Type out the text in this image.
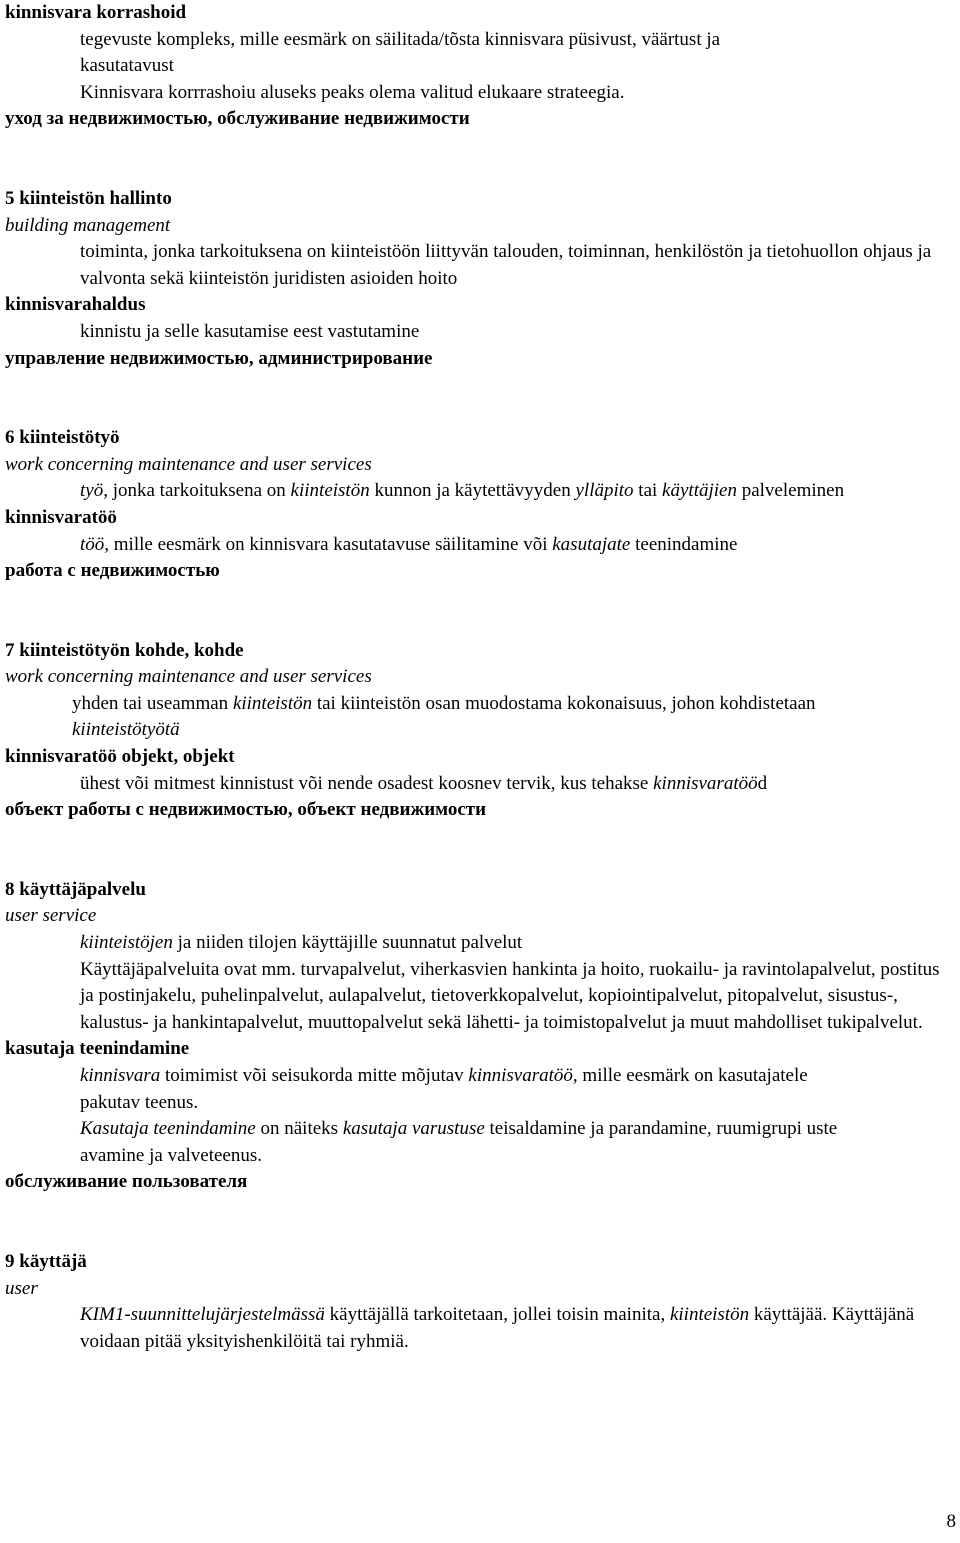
kinnisvara korrashoid

tegevuste kompleks, mille eesmärk on säilitada/tõsta kinnisvara püsivust, väärtust ja

kasutatavust

Kinnisvara korrrashoiu aluseks peaks olema valitud elukaare strateegia.

уход за недвижимостью, обслуживание недвижимости

5 kiinteistön hallinto

building management

toiminta, jonka tarkoituksena on kiinteistöön liittyvän talouden, toiminnan, henkilöstön ja tietohuollon ohjaus ja valvonta sekä kiinteistön juridisten asioiden hoito

kinnisvarahaldus

kinnistu ja selle kasutamise eest vastutamine

управление недвижимостью, администрирование

6 kiinteistötyö

work concerning maintenance and user services

työ, jonka tarkoituksena on kiinteistön kunnon ja käytettävyyden ylläpito tai käyttäjien palveleminen

kinnisvaratöö

töö, mille eesmärk on kinnisvara kasutatavuse säilitamine või kasutajate teenindamine

работа с недвижимостью

7 kiinteistötyön kohde, kohde

work concerning maintenance and user services

yhden tai useamman kiinteistön tai kiinteistön osan muodostama kokonaisuus, johon kohdistetaan kiinteistötyötä

kinnisvaratöö objekt, objekt

ühest või mitmest kinnistust või nende osadest koosnev tervik, kus tehakse kinnisvaratööd

объект работы с недвижимостью, объект недвижимости

8 käyttäjäpalvelu

user service

kiinteistöjen ja niiden tilojen käyttäjille suunnatut palvelut

Käyttäjäpalveluita ovat mm. turvapalvelut, viherkasvien hankinta ja hoito, ruokailu- ja ravintolapalvelut, postitus ja postinjakelu, puhelinpalvelut, aulapalvelut, tietoverkkopalvelut, kopiointipalvelut, pitopalvelut, sisustus-, kalustus- ja hankintapalvelut, muuttopalvelut sekä lähetti- ja toimistopalvelut ja muut mahdolliset tukipalvelut.

kasutaja teenindamine

kinnisvara toimimist või seisukorda mitte mõjutav kinnisvaratöö, mille eesmärk on kasutajatele pakutav teenus.

Kasutaja teenindamine on näiteks kasutaja varustuse teisaldamine ja parandamine, ruumigrupi uste avamine ja valveteenus.

обслуживание пользователя

9 käyttäjä

user

KIM1-suunnittelujärjestelmässä käyttäjällä tarkoitetaan, jollei toisin mainita, kiinteistön käyttäjää. Käyttäjänä voidaan pitää yksityishenkilöitä tai ryhmiä.

8
